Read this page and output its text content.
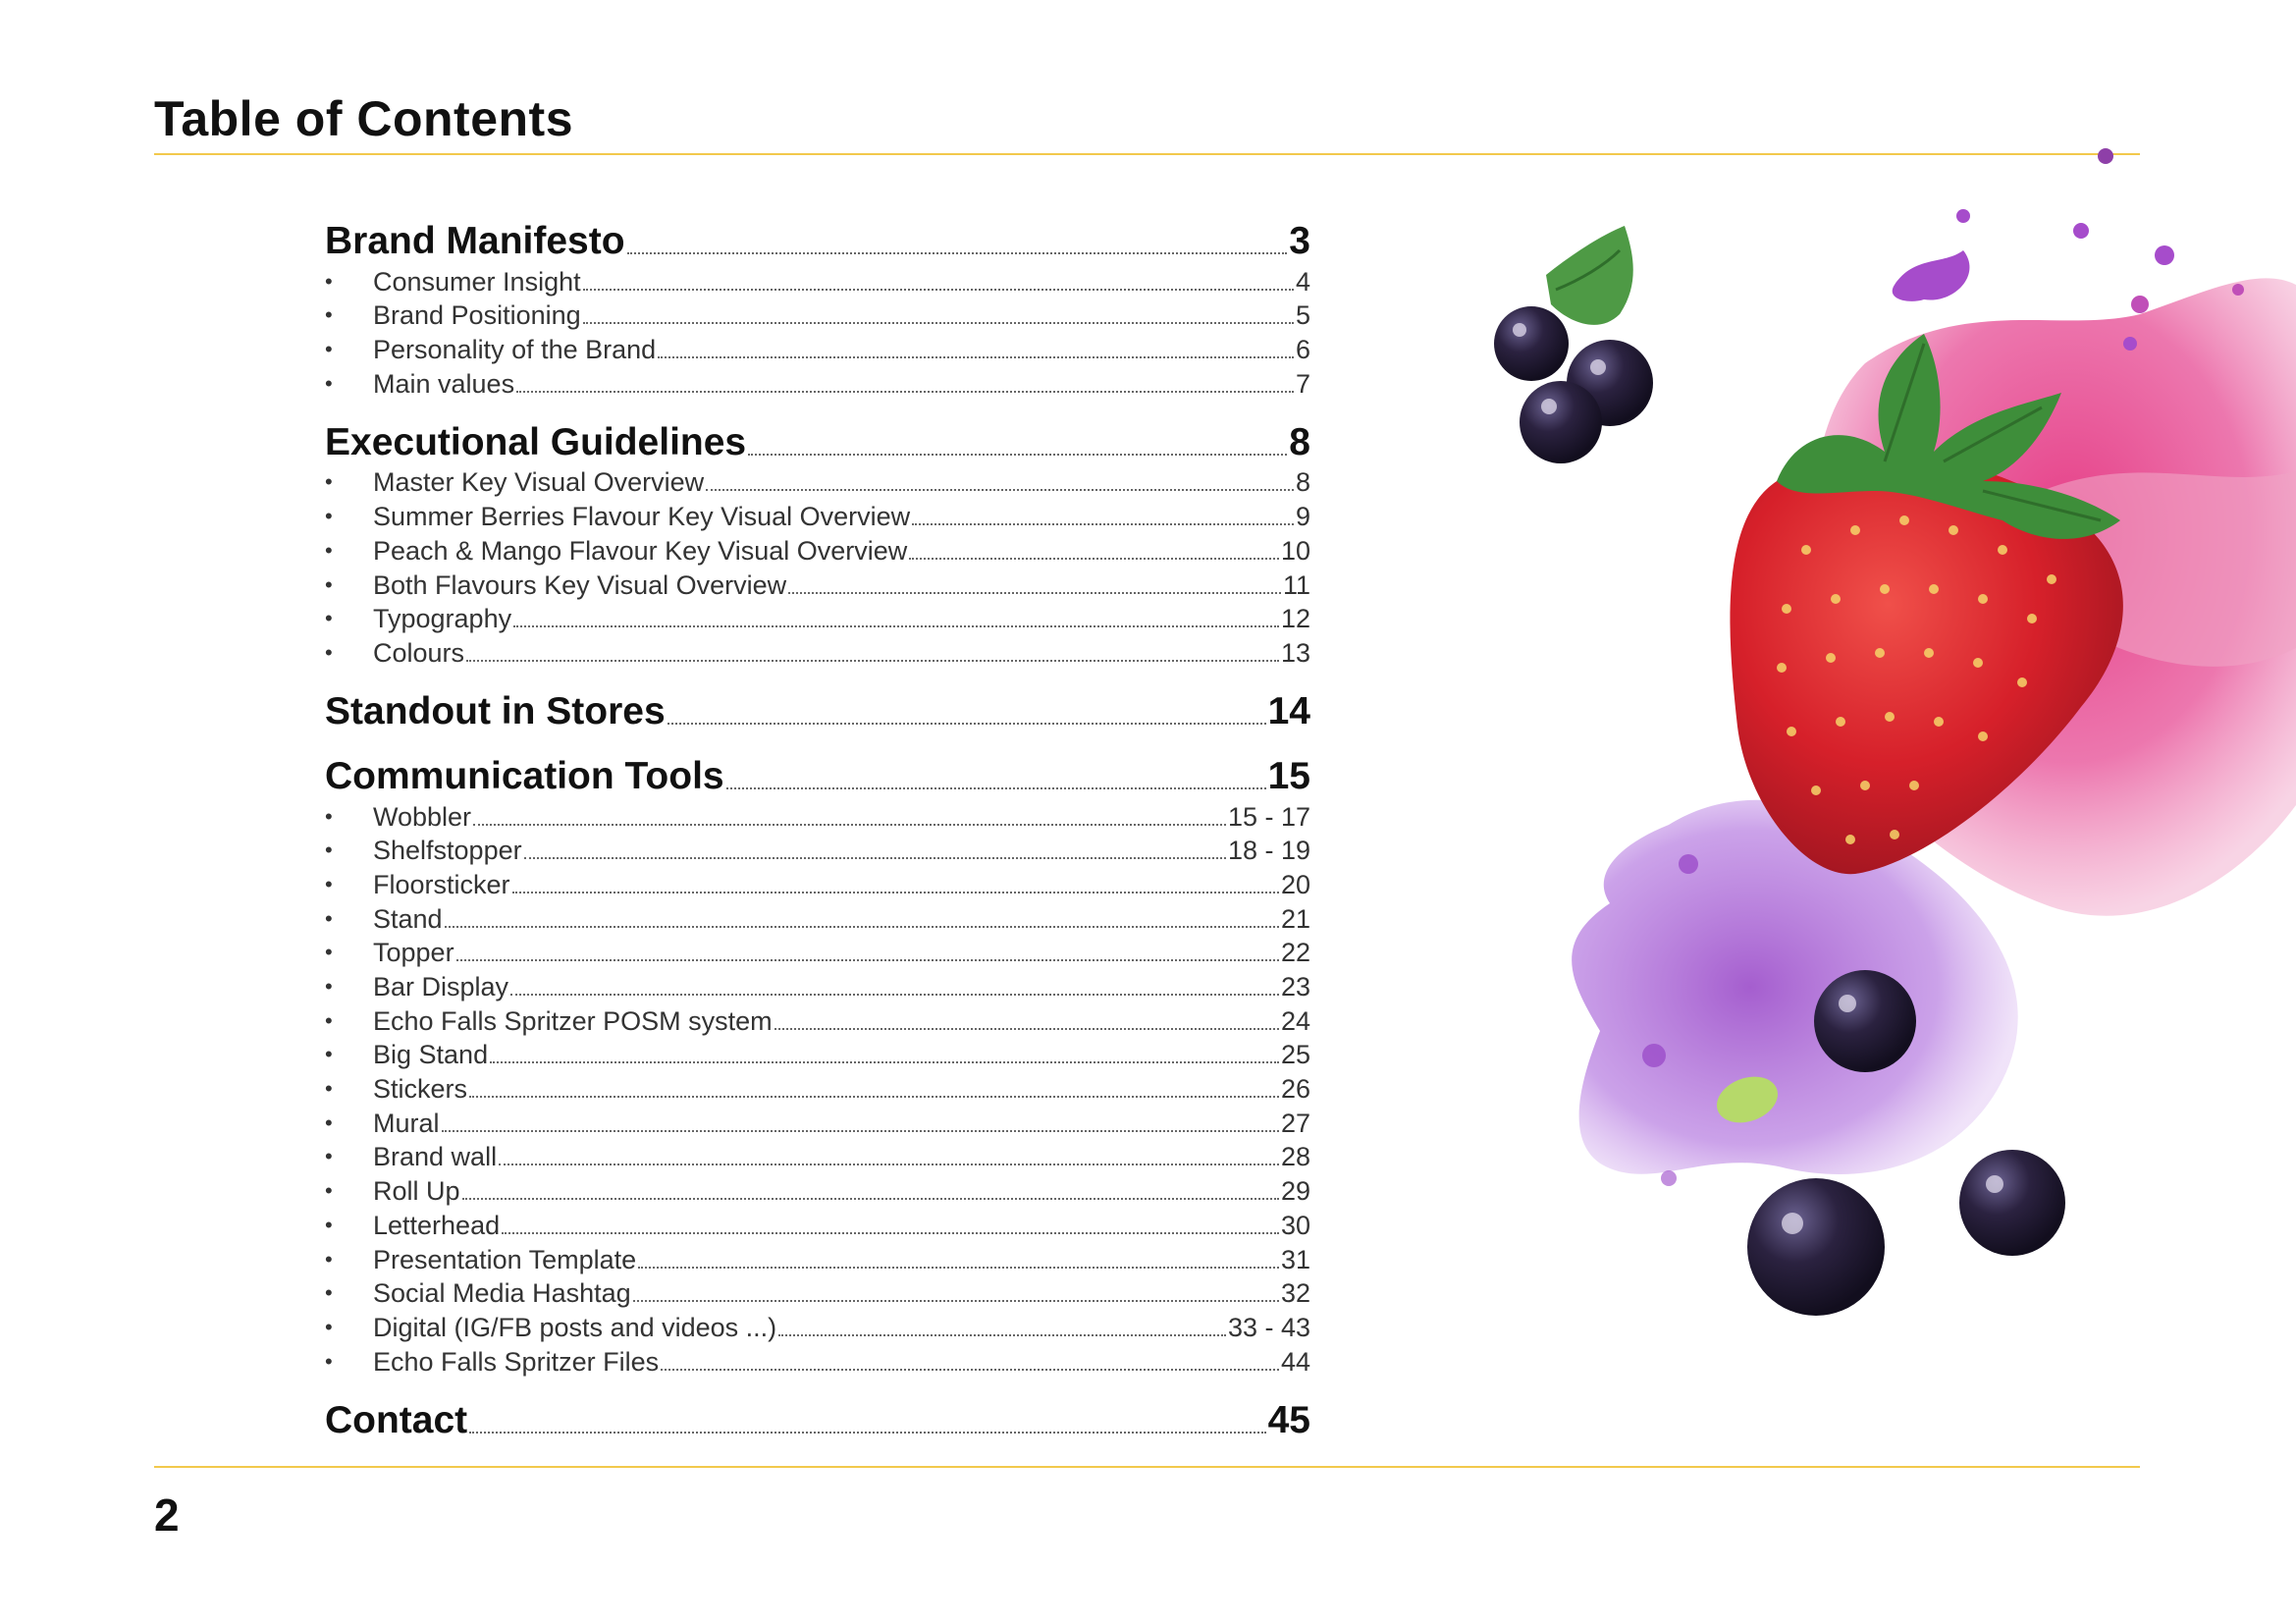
Table of Contents
Brand Manifesto	3
•	Consumer Insight	4
•	Brand Positioning	5
•	Personality of the Brand	6
•	Main values	7
Executional Guidelines	8
•	Master Key Visual Overview	8
•	Summer Berries Flavour Key Visual Overview	9
•	Peach & Mango Flavour Key Visual Overview	10
•	Both Flavours Key Visual Overview	11
•	Typography	12
•	Colours	13
Standout in Stores	14
Communication Tools	15
•	Wobbler	15 - 17
•	Shelfstopper	18 - 19
•	Floorsticker	20
•	Stand	21
•	Topper	22
•	Bar Display	23
•	Echo Falls Spritzer POSM system	24
•	Big Stand	25
•	Stickers	26
•	Mural	27
•	Brand wall	28
•	Roll Up	29
•	Letterhead	30
•	Presentation Template	31
•	Social Media Hashtag	32
•	Digital (IG/FB posts and videos ...)	33 - 43
•	Echo Falls Spritzer Files	44
Contact	45
2
